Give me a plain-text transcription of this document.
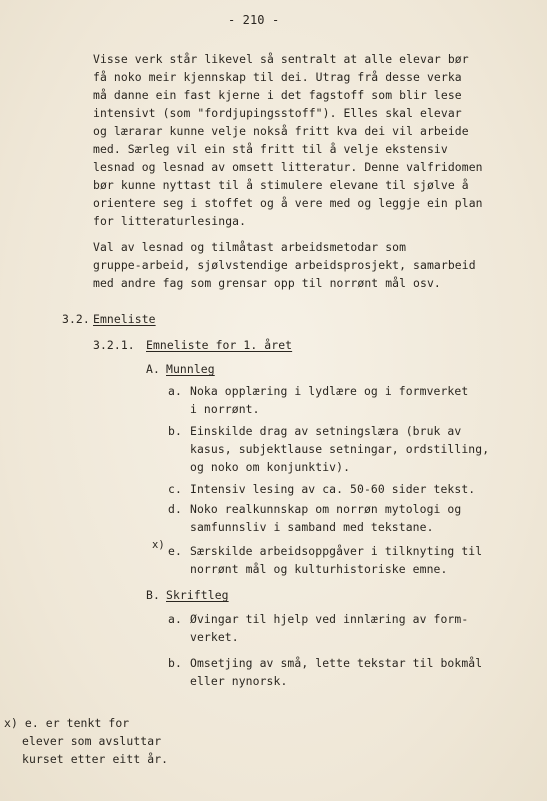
- 210 -
Visse verk står likevel så sentralt at alle elevar bør
få noko meir kjennskap til dei. Utrag frå desse verka
må danne ein fast kjerne i det fagstoff som blir lese
intensivt (som "fordjupingsstoff"). Elles skal elevar
og lærarar kunne velje nokså fritt kva dei vil arbeide
med. Særleg vil ein stå fritt til å velje ekstensiv
lesnad og lesnad av omsett litteratur. Denne valfridomen
bør kunne nyttast til å stimulere elevane til sjølve å
orientere seg i stoffet og å vere med og leggje ein plan
for litteraturlesinga.
Val av lesnad og tilmåtast arbeidsmetodar som
gruppe-arbeid, sjølvstendige arbeidsprosjekt, samarbeid
med andre fag som grensar opp til norrønt mål osv.
3.2. Emneliste
3.2.1. Emneliste for 1. året
A. Munnleg
a. Noka opplæring i lydlære og i formverket
i norrønt.
b. Einskilde drag av setningslæra (bruk av
kasus, subjektlause setningar, ordstilling,
og noko om konjunktiv).
c. Intensiv lesing av ca. 50-60 sider tekst.
d. Noko realkunnskap om norrøn mytologi og
samfunnsliv i samband med tekstane.
x) e. Særskilde arbeidsoppgåver i tilknyting til
norrønt mål og kulturhistoriske emne.
B. Skriftleg
a. Øvingar til hjelp ved innlæring av form-
verket.
b. Omsetjing av små, lette tekstar til bokmål
eller nynorsk.
x) e. er tenkt for
elever som avsluttar
kurset etter eitt år.
